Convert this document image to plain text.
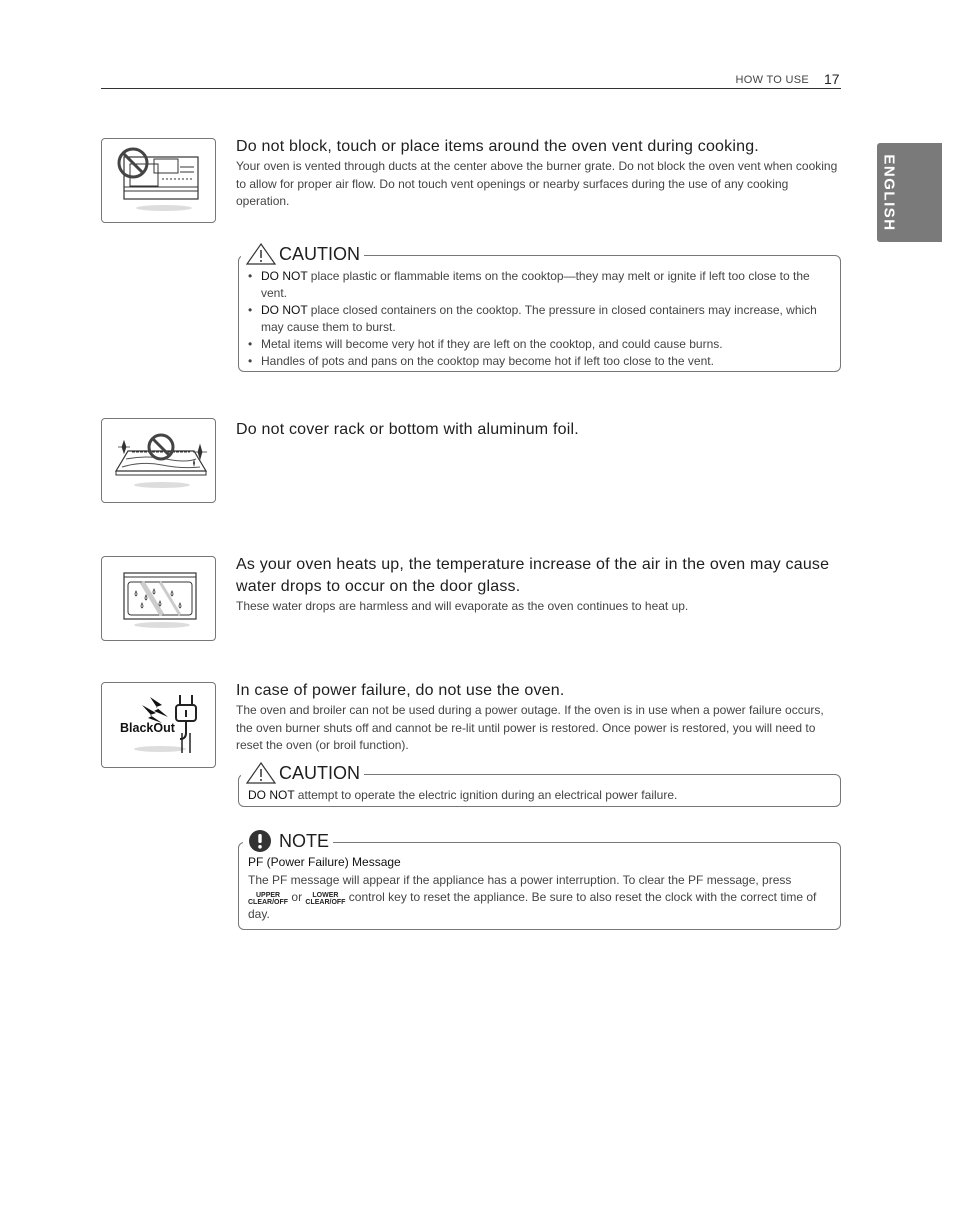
HOW TO USE 17
ENGLISH
Do not block, touch or place items around the oven vent during cooking.
Your oven is vented through ducts at the center above the burner grate. Do not block the oven vent when cooking to allow for proper air flow. Do not touch vent openings or nearby surfaces during the use of any cooking operation.
CAUTION
• DO NOT place plastic or flammable items on the cooktop—they may melt or ignite if left too close to the vent.
• DO NOT place closed containers on the cooktop. The pressure in closed containers may increase, which may cause them to burst.
• Metal items will become very hot if they are left on the cooktop, and could cause burns.
• Handles of pots and pans on the cooktop may become hot if left too close to the vent.
Do not cover rack or bottom with aluminum foil.
As your oven heats up, the temperature increase of the air in the oven may cause water drops to occur on the door glass.
These water drops are harmless and will evaporate as the oven continues to heat up.
BlackOut
In case of power failure, do not use the oven.
The oven and broiler can not be used during a power outage. If the oven is in use when a power failure occurs, the oven burner shuts off and cannot be re-lit until power is restored. Once power is restored, you will need to reset the oven (or broil function).
CAUTION
DO NOT attempt to operate the electric ignition during an electrical power failure.
NOTE
PF (Power Failure) Message
The PF message will appear if the appliance has a power interruption. To clear the PF message, press
UPPER
CLEAR/OFF or	LOWER
CLEAR/OFF control key to reset the appliance. Be sure to also reset the clock with the correct time of day.
